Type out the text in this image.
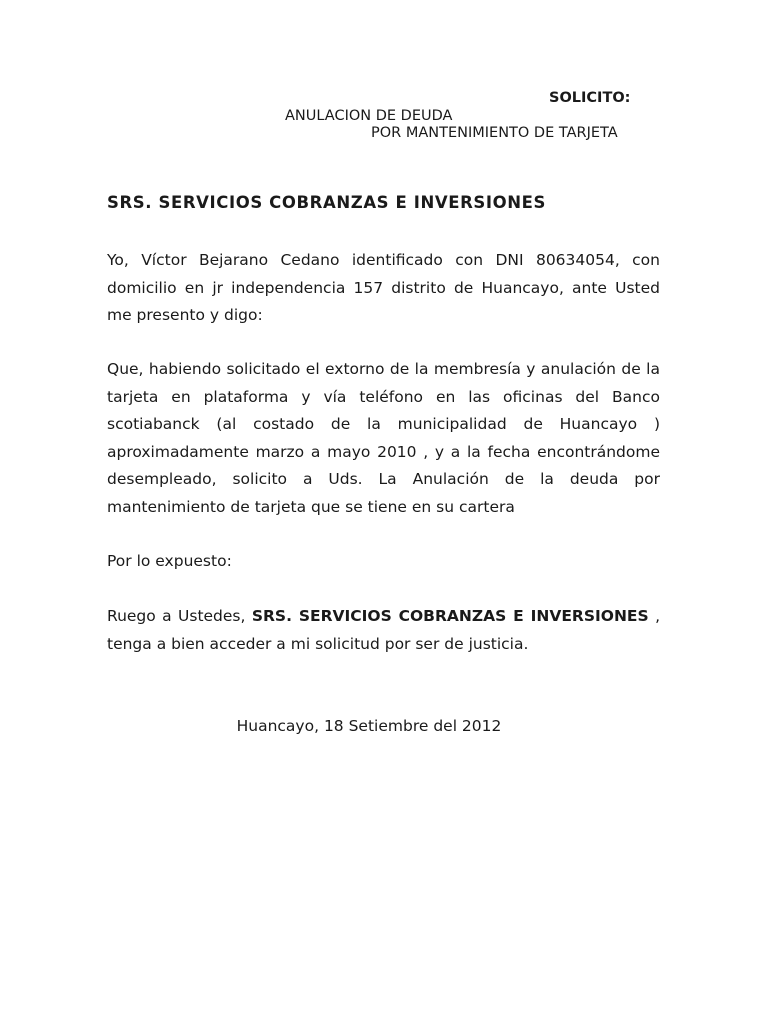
SOLICITO:
ANULACION DE DEUDA
POR MANTENIMIENTO DE TARJETA
SRS. SERVICIOS COBRANZAS E INVERSIONES
Yo, Víctor Bejarano Cedano identificado con DNI 80634054, con domicilio en jr independencia 157 distrito de Huancayo, ante Usted me presento y digo:
Que, habiendo solicitado el extorno de la membresía y anulación de la tarjeta en plataforma y vía teléfono en las oficinas del Banco scotiabanck (al costado de la municipalidad de Huancayo ) aproximadamente marzo a mayo 2010 , y a la fecha encontrándome desempleado, solicito a Uds. La Anulación de la deuda por mantenimiento de tarjeta que se tiene en su cartera
Por lo expuesto:
Ruego a Ustedes, SRS. SERVICIOS COBRANZAS E INVERSIONES , tenga a bien acceder a mi solicitud por ser de justicia.
Huancayo, 18 Setiembre del 2012
